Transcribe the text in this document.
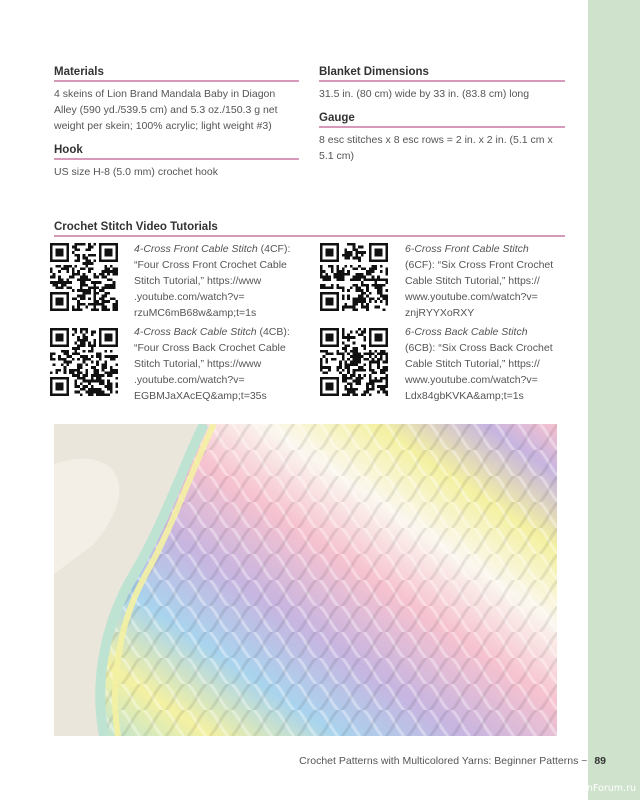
Materials
4 skeins of Lion Brand Mandala Baby in Diagon Alley (590 yd./539.5 cm) and 5.3 oz./150.3 g net weight per skein; 100% acrylic; light weight #3)
Hook
US size H-8 (5.0 mm) crochet hook
Blanket Dimensions
31.5 in. (80 cm) wide by 33 in. (83.8 cm) long
Gauge
8 esc stitches x 8 esc rows = 2 in. x 2 in. (5.1 cm x 5.1 cm)
Crochet Stitch Video Tutorials
4-Cross Front Cable Stitch (4CF):
“Four Cross Front Crochet Cable
Stitch Tutorial,” https://www
.youtube.com/watch?v=
rzuMC6mB68w&amp;t=1s
6-Cross Front Cable Stitch
(6CF): “Six Cross Front Crochet
Cable Stitch Tutorial,” https://
www.youtube.com/watch?v=
znjRYYXoRXY
4-Cross Back Cable Stitch (4CB):
“Four Cross Back Crochet Cable
Stitch Tutorial,” https://www
.youtube.com/watch?v=
EGBMJaXAcEQ&amp;t=35s
6-Cross Back Cable Stitch
(6CB): “Six Cross Back Crochet
Cable Stitch Tutorial,” https://
www.youtube.com/watch?v=
Ldx84gbKVKA&amp;t=1s
Crochet Patterns with Multicolored Yarns: Beginner Patterns ~ 89
PassionForum.ru
